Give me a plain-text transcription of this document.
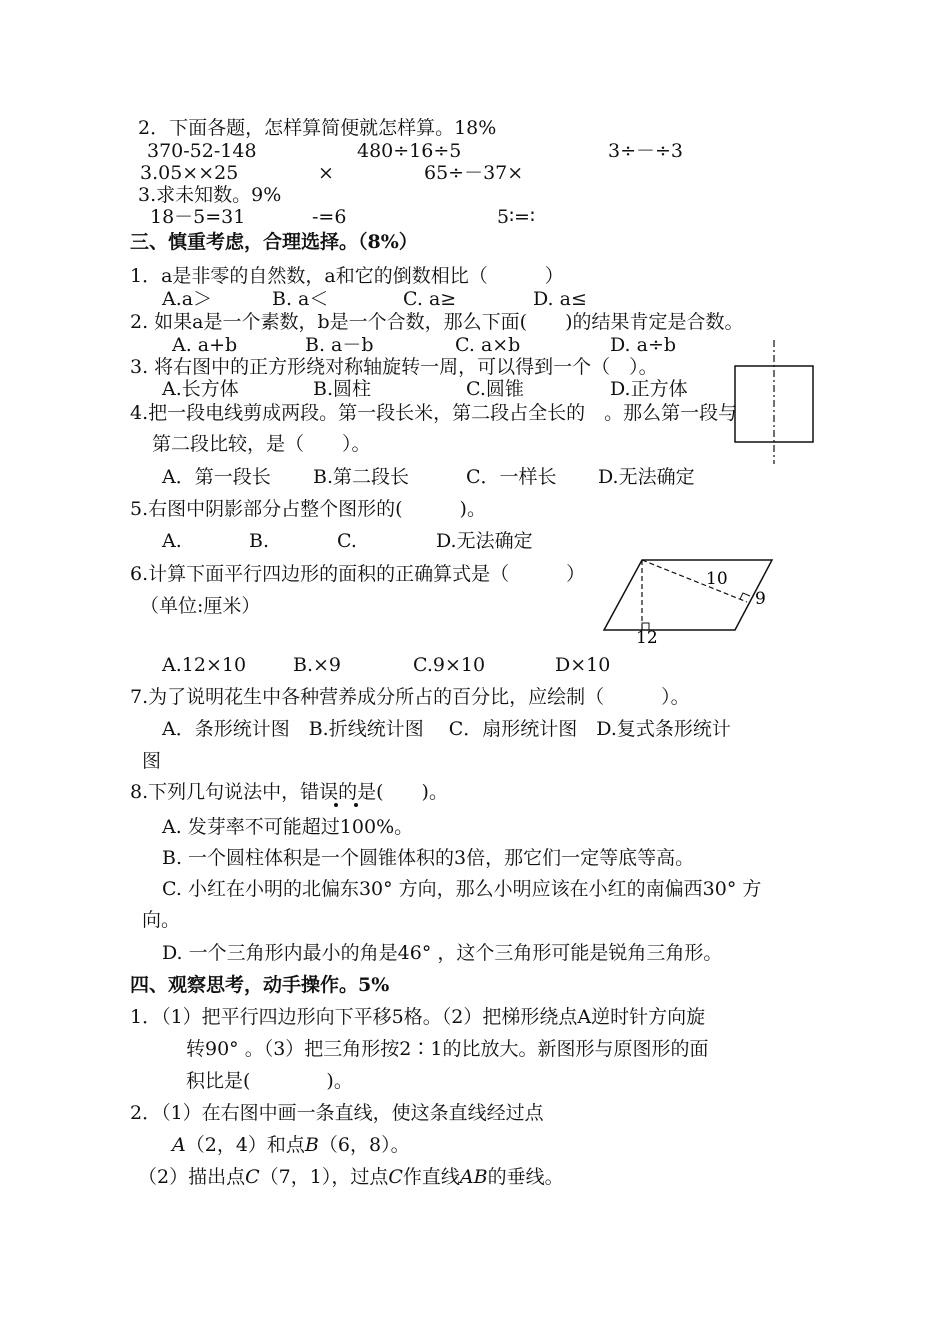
2．下面各题，怎样算简便就怎样算。18%
370-52-148	480÷16÷5	3÷－÷3
3.05××25	×	65÷－37×
3.求未知数。9%
18－5=31	-=6	5∶=∶
三、慎重考虑，合理选择。（8%）
1．a是非零的自然数，a和它的倒数相比（　　　）
A.a＞	B. a＜	C. a≥	D. a≤
2. 如果a是一个素数，b是一个合数，那么下面(　　)的结果肯定是合数。
A. a+b	B. a－b	C. a×b	D. a÷b
3. 将右图中的正方形绕对称轴旋转一周，可以得到一个（　）。
A.长方体	B.圆柱	C.圆锥	D.正方体
4.把一段电线剪成两段。第一段长米，第二段占全长的　。那么第一段与
第二段比较，是（　　）。
A．第一段长 B.第二段长	C．一样长 D.无法确定
5.右图中阴影部分占整个图形的(　　　)。
A.	B.	C.	D.无法确定
6.计算下面平行四边形的面积的正确算式是（　　　）
（单位:厘米）
10
9
12
A.12×10 B.×9	C.9×10	D×10
7.为了说明花生中各种营养成分所占的百分比，应绘制（　　　）。
A．条形统计图　B.折线统计图　 C．扇形统计图　D.复式条形统计
图
8.下列几句说法中，错误的是(　　)。
A. 发芽率不可能超过100%。
B. 一个圆柱体积是一个圆锥体积的3倍，那它们一定等底等高。
C. 小红在小明的北偏东30° 方向，那么小明应该在小红的南偏西30° 方
向。
D. 一个三角形内最小的角是46° ，这个三角形可能是锐角三角形。
四、观察思考，动手操作。5%
1．（1）把平行四边形向下平移5格。（2）把梯形绕点A逆时针方向旋
转90° 。（3）把三角形按2∶1的比放大。新图形与原图形的面
积比是(　　　　)。
2．（1）在右图中画一条直线，使这条直线经过点
A（2，4）和点B（6，8）。
（2）描出点C（7，1），过点C作直线AB的垂线。
